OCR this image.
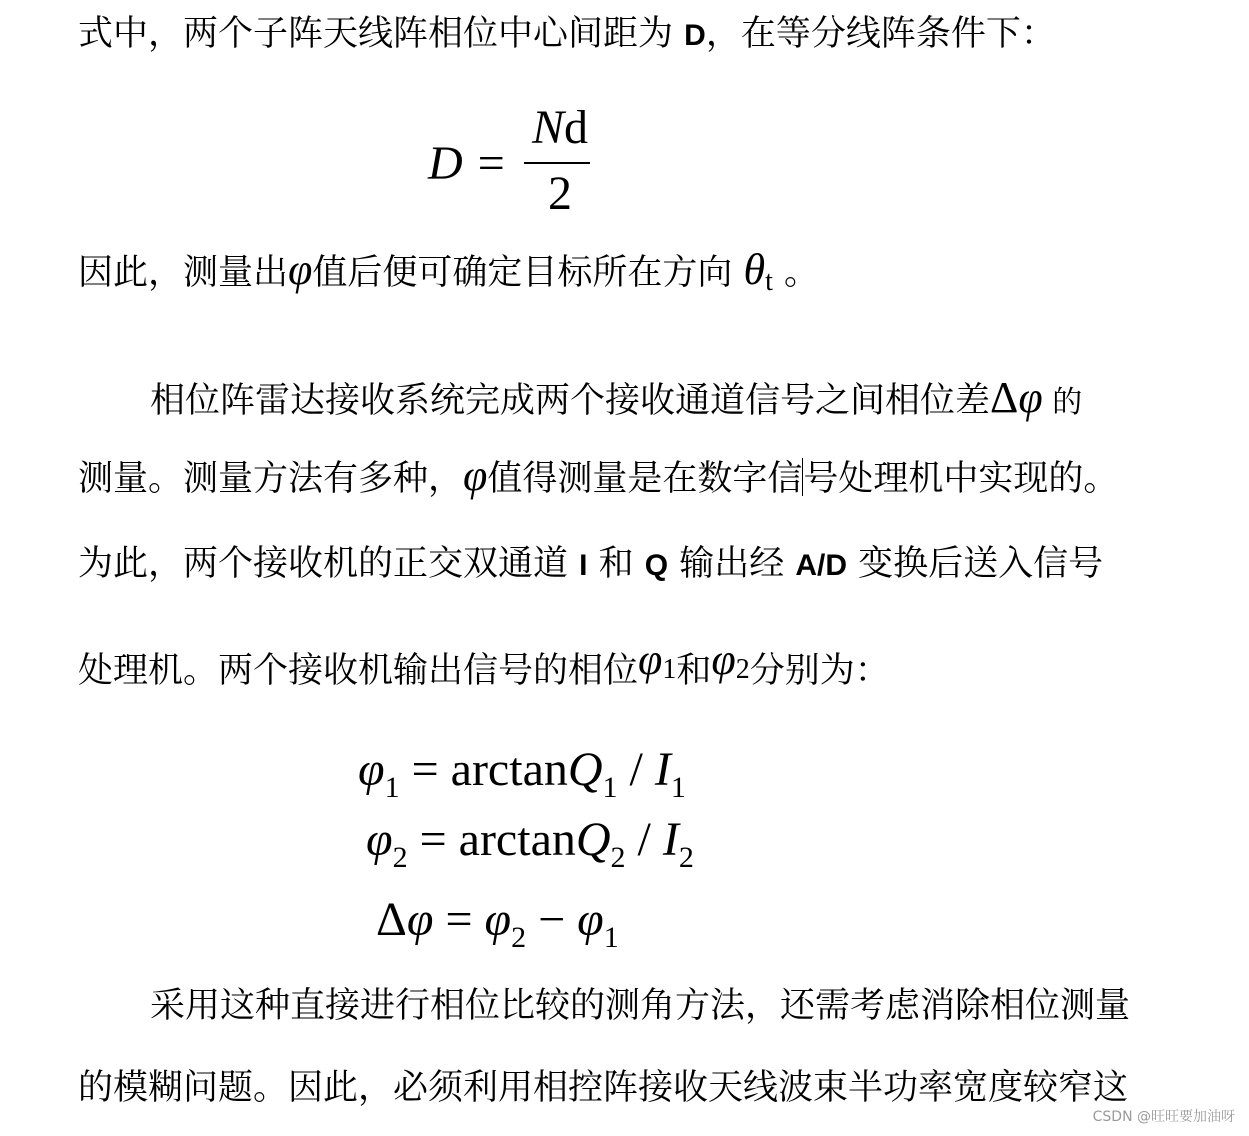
式中，两个子阵天线阵相位中心间距为 D，在等分线阵条件下：
D =
Nd
2
因此，测量出φ值后便可确定目标所在方向 $\theta_t$ 。
相位阵雷达接收系统完成两个接收通道信号之间相位差Δφ 的
测量。测量方法有多种，φ值得测量是在数字信号处理机中实现的。
为此，两个接收机的正交双通道 I 和 Q 输出经 A/D 变换后送入信号
处理机。两个接收机输出信号的相位φ1和φ2分别为：
$\varphi_1 = \arctan Q_1 / I_1$
$\varphi_2 = \arctan Q_2 / I_2$
$\Delta\varphi = \varphi_2 - \varphi_1$
采用这种直接进行相位比较的测角方法，还需考虑消除相位测量
的模糊问题。因此，必须利用相控阵接收天线波束半功率宽度较窄这
CSDN @旺旺要加油呀
